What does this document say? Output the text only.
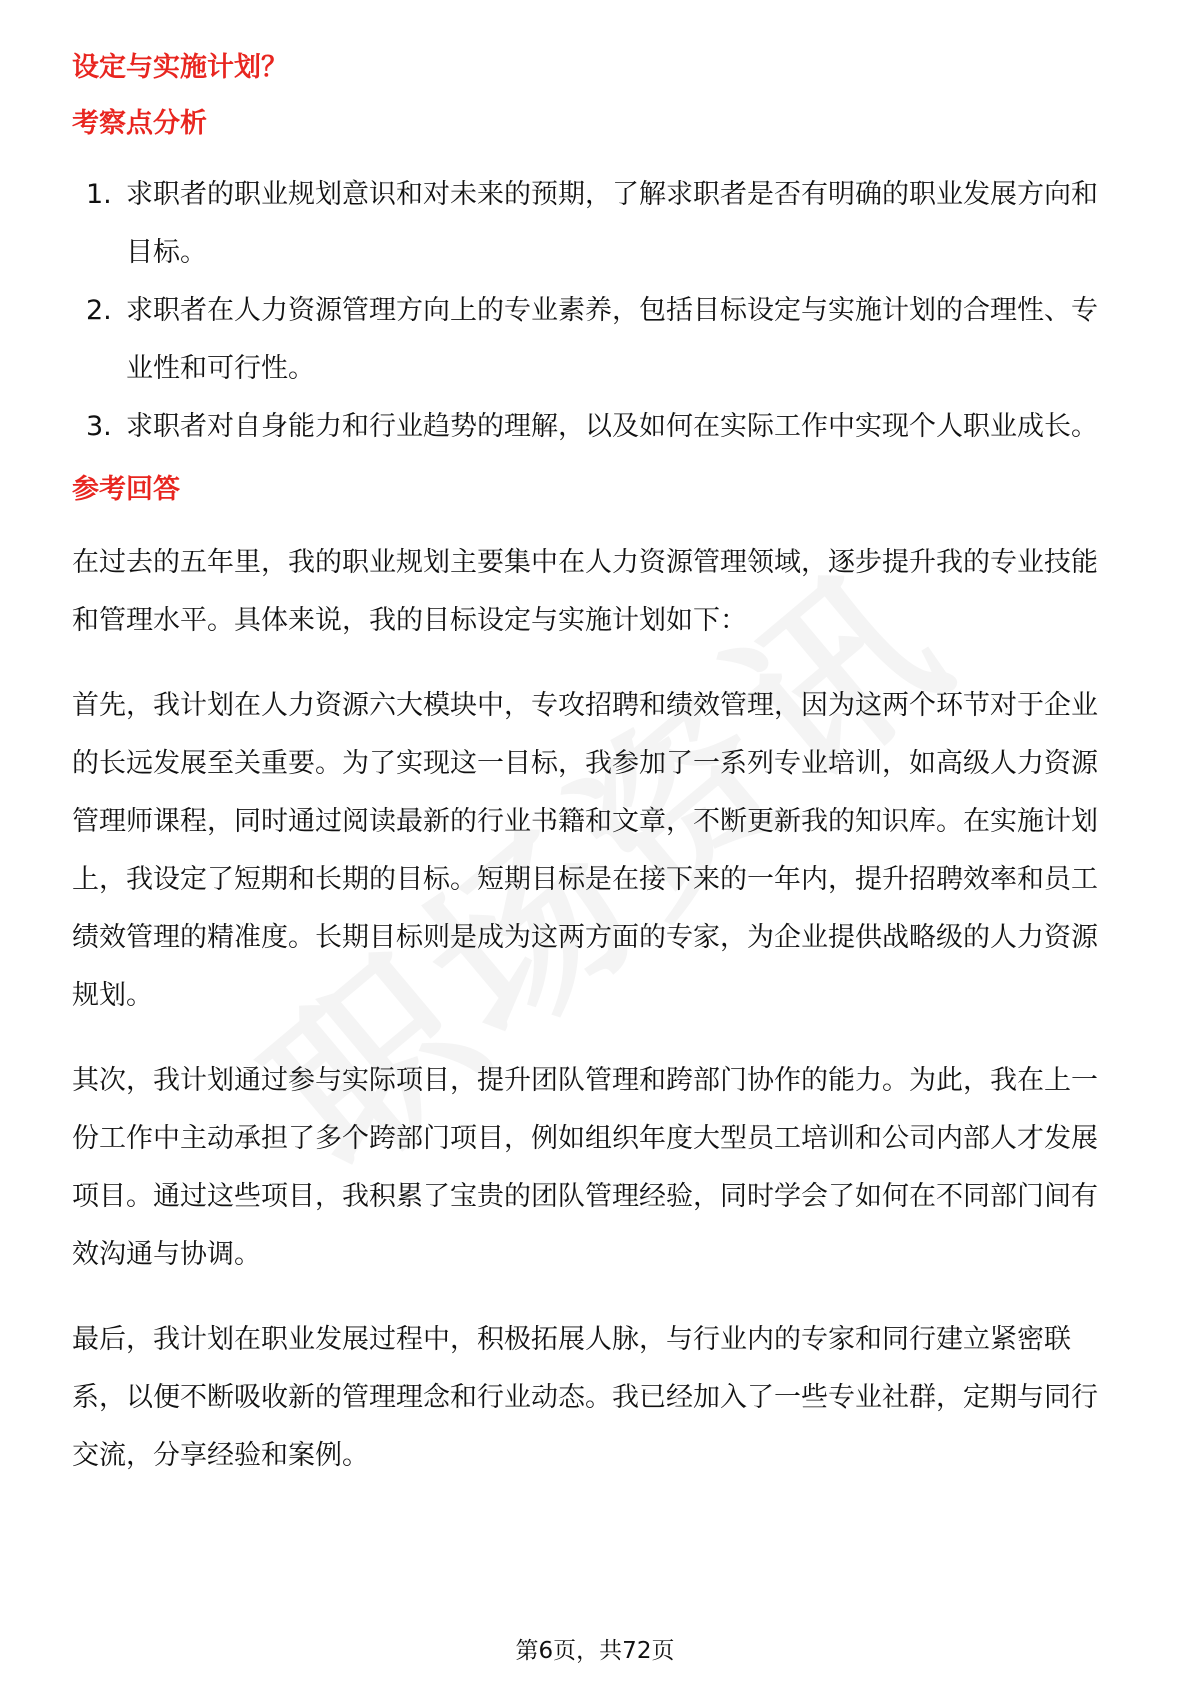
设定与实施计划？
考察点分析
1. 求职者的职业规划意识和对未来的预期，了解求职者是否有明确的职业发展方向和目标。
2. 求职者在人力资源管理方向上的专业素养，包括目标设定与实施计划的合理性、专业性和可行性。
3. 求职者对自身能力和行业趋势的理解，以及如何在实际工作中实现个人职业成长。
参考回答

在过去的五年里，我的职业规划主要集中在人力资源管理领域，逐步提升我的专业技能和管理水平。具体来说，我的目标设定与实施计划如下：

首先，我计划在人力资源六大模块中，专攻招聘和绩效管理，因为这两个环节对于企业的长远发展至关重要。为了实现这一目标，我参加了一系列专业培训，如高级人力资源管理师课程，同时通过阅读最新的行业书籍和文章，不断更新我的知识库。在实施计划上，我设定了短期和长期的目标。短期目标是在接下来的一年内，提升招聘效率和员工绩效管理的精准度。长期目标则是成为这两方面的专家，为企业提供战略级的人力资源规划。

其次，我计划通过参与实际项目，提升团队管理和跨部门协作的能力。为此，我在上一份工作中主动承担了多个跨部门项目，例如组织年度大型员工培训和公司内部人才发展项目。通过这些项目，我积累了宝贵的团队管理经验，同时学会了如何在不同部门间有效沟通与协调。

最后，我计划在职业发展过程中，积极拓展人脉，与行业内的专家和同行建立紧密联系，以便不断吸收新的管理理念和行业动态。我已经加入了一些专业社群，定期与同行交流，分享经验和案例。

第6页，共72页
